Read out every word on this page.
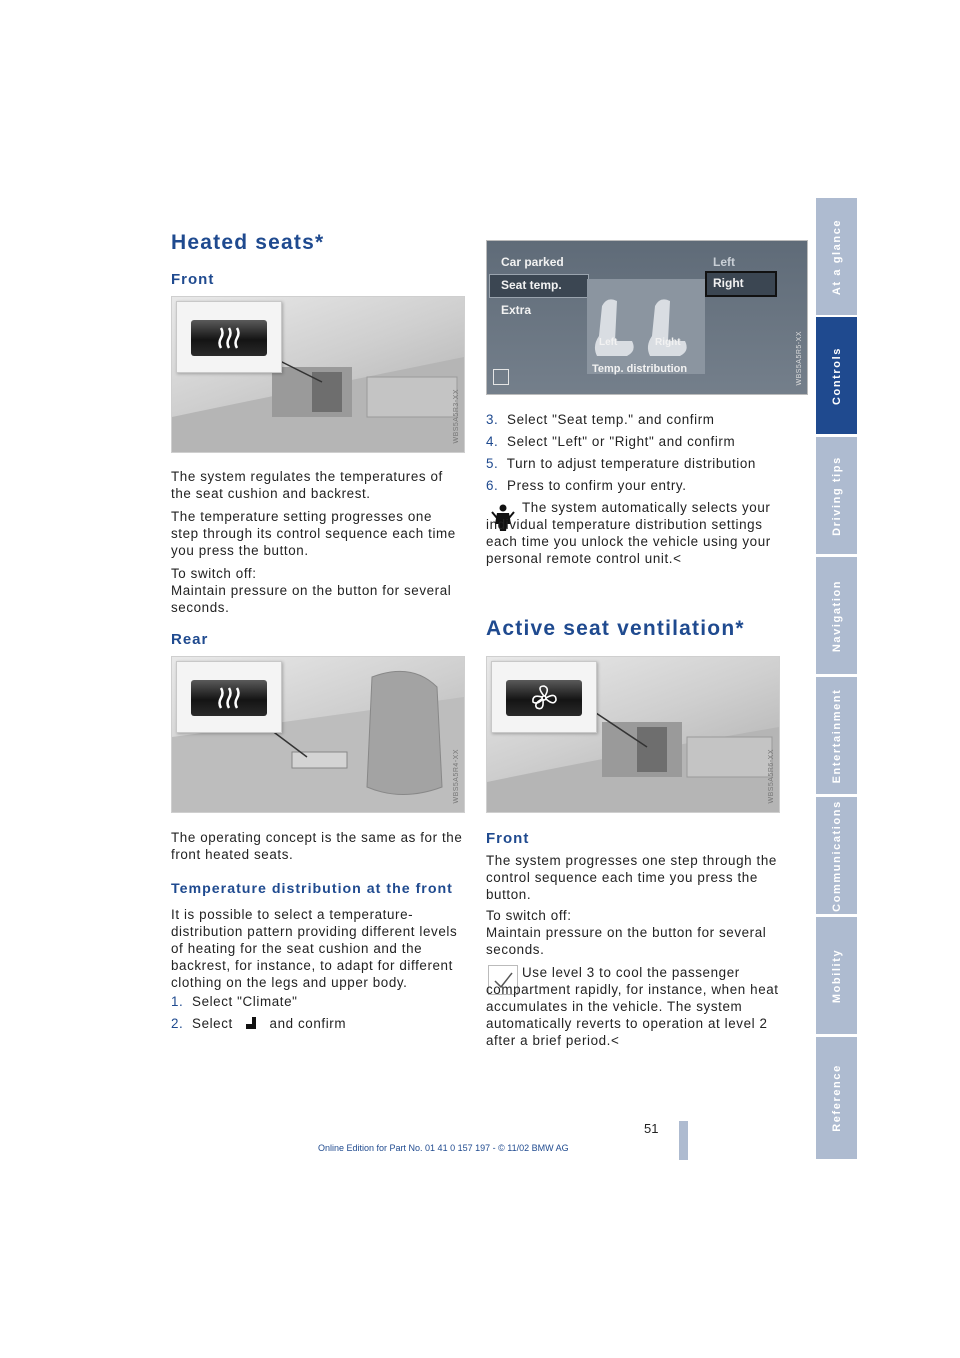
Heated seats*
Front
WBS5A5R3-XX

The system regulates the temperatures of the seat cushion and backrest.

The temperature setting progresses one step through its control sequence each time you press the button.

To switch off:

Maintain pressure on the button for several seconds.

Rear
WBS5A5R4-XX

The operating concept is the same as for the front heated seats.

Temperature distribution at the front

It is possible to select a temperature-distribution pattern providing different levels of heating for the seat cushion and the backrest, for instance, to adapt for different clothing on the legs and upper body.

1. Select "Climate"

2. Select	and confirm

Car parked
Seat temp.
Extra
Left	Right
Temp. distribution
Left
Right
WBS5A5R5-XX

3. Select "Seat temp." and confirm

4. Select "Left" or "Right" and confirm

5. Turn to adjust temperature distribution

6. Press to confirm your entry.

The system automatically selects your individual temperature distribution settings each time you unlock the vehicle using your personal remote control unit.<

Active seat ventilation*
WBS5A5R6-XX
Front

The system progresses one step through the control sequence each time you press the button.

To switch off:

Maintain pressure on the button for several seconds.

Use level 3 to cool the passenger compartment rapidly, for instance, when heat accumulates in the vehicle. The system automatically reverts to operation at level 2 after a brief period.<

At a glance
Controls
Driving tips
Navigation
Entertainment
Communications
Mobility
Reference
51
Online Edition for Part No. 01 41 0 157 197 - © 11/02 BMW AG
